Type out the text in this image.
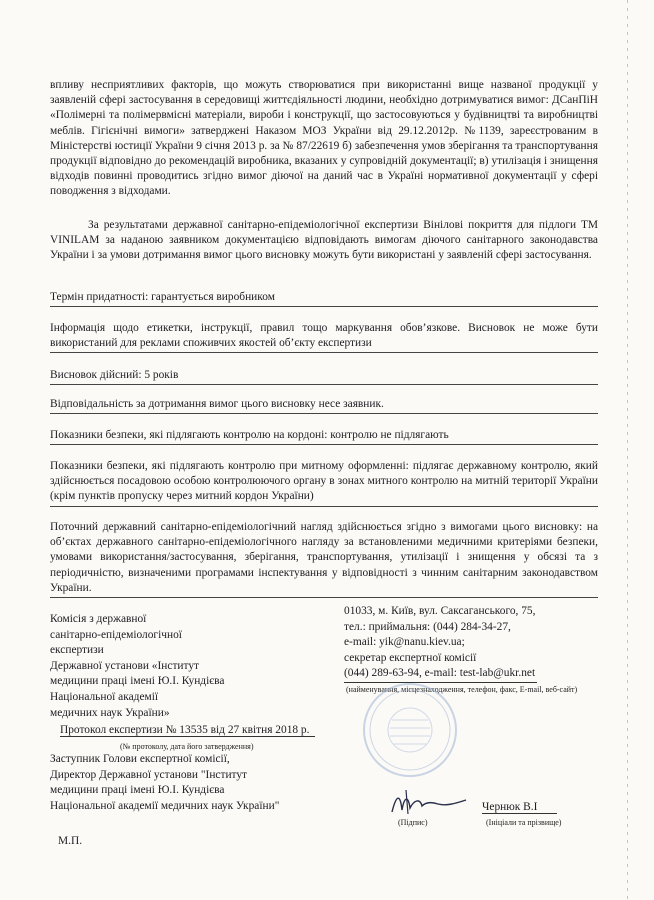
впливу несприятливих факторів, що можуть створюватися при використанні вище названої продукції у заявленій сфері застосування в середовищі життєдіяльності людини, необхідно дотримуватися вимог: ДСанПіН «Полімерні та полімервмісні матеріали, вироби і конструкції, що застосовуються у будівництві та виробництві меблів. Гігієнічні вимоги» затверджені Наказом МОЗ України від 29.12.2012р. №1139, зареєстрованим в Міністерстві юстиції України 9 січня 2013 р. за № 87/22619 б) забезпечення умов зберігання та транспортування продукції відповідно до рекомендацій виробника, вказаних у супровідній документації; в) утилізація і знищення відходів повинні проводитись згідно вимог діючої на даний час в Україні нормативної документації у сфері поводження з відходами.

За результатами державної санітарно-епідеміологічної експертизи Вінілові покриття для підлоги ТМ VINILAM за наданою заявником документацією відповідають вимогам діючого санітарного законодавства України і за умови дотримання вимог цього висновку можуть бути використані у заявленій сфері застосування.

Термін придатності: гарантується виробником

Інформація щодо етикетки, інструкції, правил тощо маркування обов’язкове. Висновок не може бути використаний для реклами споживчих якостей об’єкту експертизи

Висновок дійсний: 5 років

Відповідальність за дотримання вимог цього висновку несе заявник.

Показники безпеки, які підлягають контролю на кордоні: контролю не підлягають

Показники безпеки, які підлягають контролю при митному оформленні: підлягає державному контролю, який здійснюється посадовою особою контролюючого органу в зонах митного контролю на митній території України (крім пунктів пропуску через митний кордон України)

Поточний державний санітарно-епідеміологічний нагляд здійснюється згідно з вимогами цього висновку: на об’єктах державного санітарно-епідеміологічного нагляду за встановленими медичними критеріями безпеки, умовами використання/застосування, зберігання, транспортування, утилізації і знищення у обсязі та з періодичністю, визначеними програмами інспектування у відповідності з чинним санітарним законодавством України.

Комісія з державної
санітарно-епідеміологічної
експертизи
Державної установи «Інститут
медицини праці імені Ю.І. Кундієва
Національної академії
медичних наук України»
01033, м. Київ, вул. Саксаганського, 75,
тел.: приймальня: (044) 284-34-27,
e-mail: yik@nanu.kiev.ua;
секретар експертної комісії
(044) 289-63-94, e-mail: test-lab@ukr.net
(найменування, місцезнаходження, телефон, факс, E-mail, веб-сайт)
Протокол експертизи № 13535 від 27 квітня 2018 р.
(№ протоколу, дата його затвердження)
Заступник Голови експертної комісії,
Директор Державної установи "Інститут
медицини праці імені Ю.І. Кундієва
Національної академії медичних наук України"
(Підпис)
Чернюк В.І
(Ініціали та прізвище)
М.П.
